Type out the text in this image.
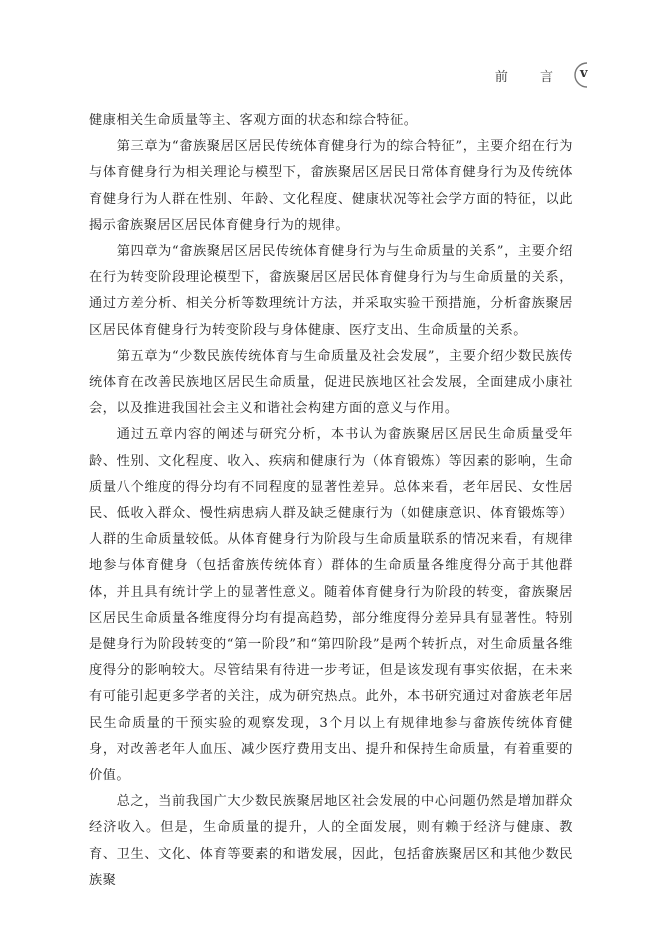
前 言 v

健康相关生命质量等主、客观方面的状态和综合特征。

第三章为“畲族聚居区居民传统体育健身行为的综合特征”，主要介绍在行为与体育健身行为相关理论与模型下，畲族聚居区居民日常体育健身行为及传统体育健身行为人群在性别、年龄、文化程度、健康状况等社会学方面的特征，以此揭示畲族聚居区居民体育健身行为的规律。

第四章为“畲族聚居区居民传统体育健身行为与生命质量的关系”，主要介绍在行为转变阶段理论模型下，畲族聚居区居民体育健身行为与生命质量的关系，通过方差分析、相关分析等数理统计方法，并采取实验干预措施，分析畲族聚居区居民体育健身行为转变阶段与身体健康、医疗支出、生命质量的关系。

第五章为“少数民族传统体育与生命质量及社会发展”，主要介绍少数民族传统体育在改善民族地区居民生命质量，促进民族地区社会发展，全面建成小康社会，以及推进我国社会主义和谐社会构建方面的意义与作用。

通过五章内容的阐述与研究分析，本书认为畲族聚居区居民生命质量受年龄、性别、文化程度、收入、疾病和健康行为（体育锻炼）等因素的影响，生命质量八个维度的得分均有不同程度的显著性差异。总体来看，老年居民、女性居民、低收入群众、慢性病患病人群及缺乏健康行为（如健康意识、体育锻炼等）人群的生命质量较低。从体育健身行为阶段与生命质量联系的情况来看，有规律地参与体育健身（包括畲族传统体育）群体的生命质量各维度得分高于其他群体，并且具有统计学上的显著性意义。随着体育健身行为阶段的转变，畲族聚居区居民生命质量各维度得分均有提高趋势，部分维度得分差异具有显著性。特别是健身行为阶段转变的“第一阶段”和“第四阶段”是两个转折点，对生命质量各维度得分的影响较大。尽管结果有待进一步考证，但是该发现有事实依据，在未来有可能引起更多学者的关注，成为研究热点。此外，本书研究通过对畲族老年居民生命质量的干预实验的观察发现，3个月以上有规律地参与畲族传统体育健身，对改善老年人血压、减少医疗费用支出、提升和保持生命质量，有着重要的价值。

总之，当前我国广大少数民族聚居地区社会发展的中心问题仍然是增加群众经济收入。但是，生命质量的提升，人的全面发展，则有赖于经济与健康、教育、卫生、文化、体育等要素的和谐发展，因此，包括畲族聚居区和其他少数民族聚
